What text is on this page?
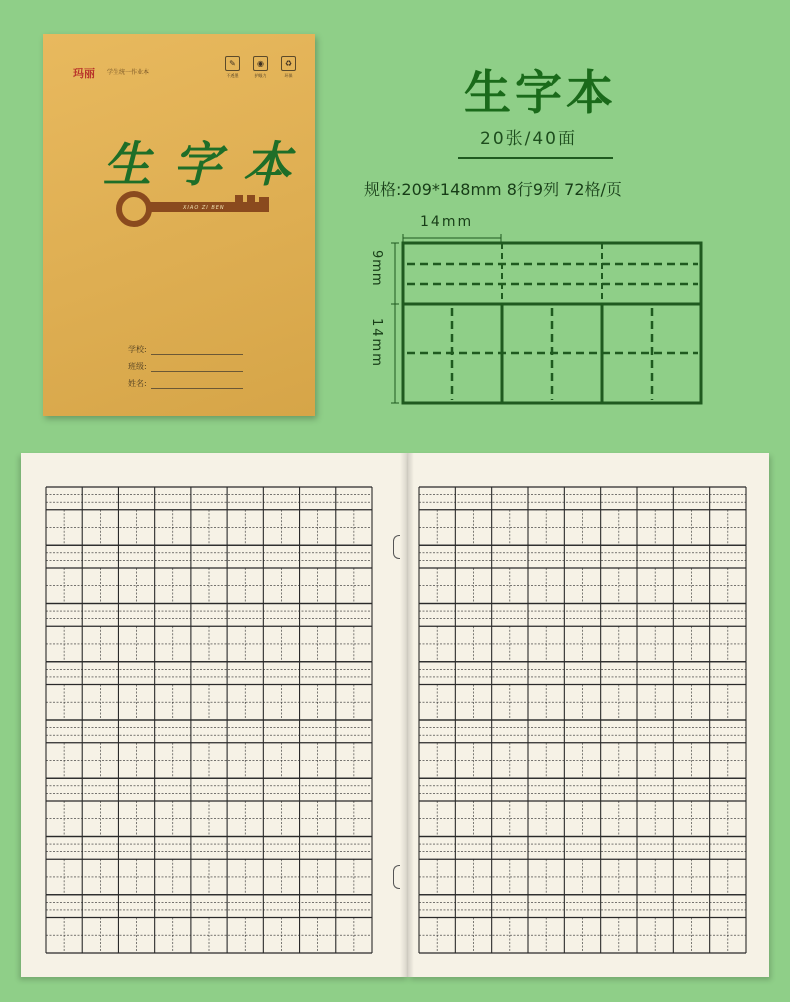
玛丽 学生统一作业本
✎
不透墨
◉
护眼力
♻
环保
生 字 本
XIAO ZI BEN
学校:
班级:
姓名:
生字本
20张/40面
规格:209*148mm 8行9列 72格/页
14mm
9mm
14mm
